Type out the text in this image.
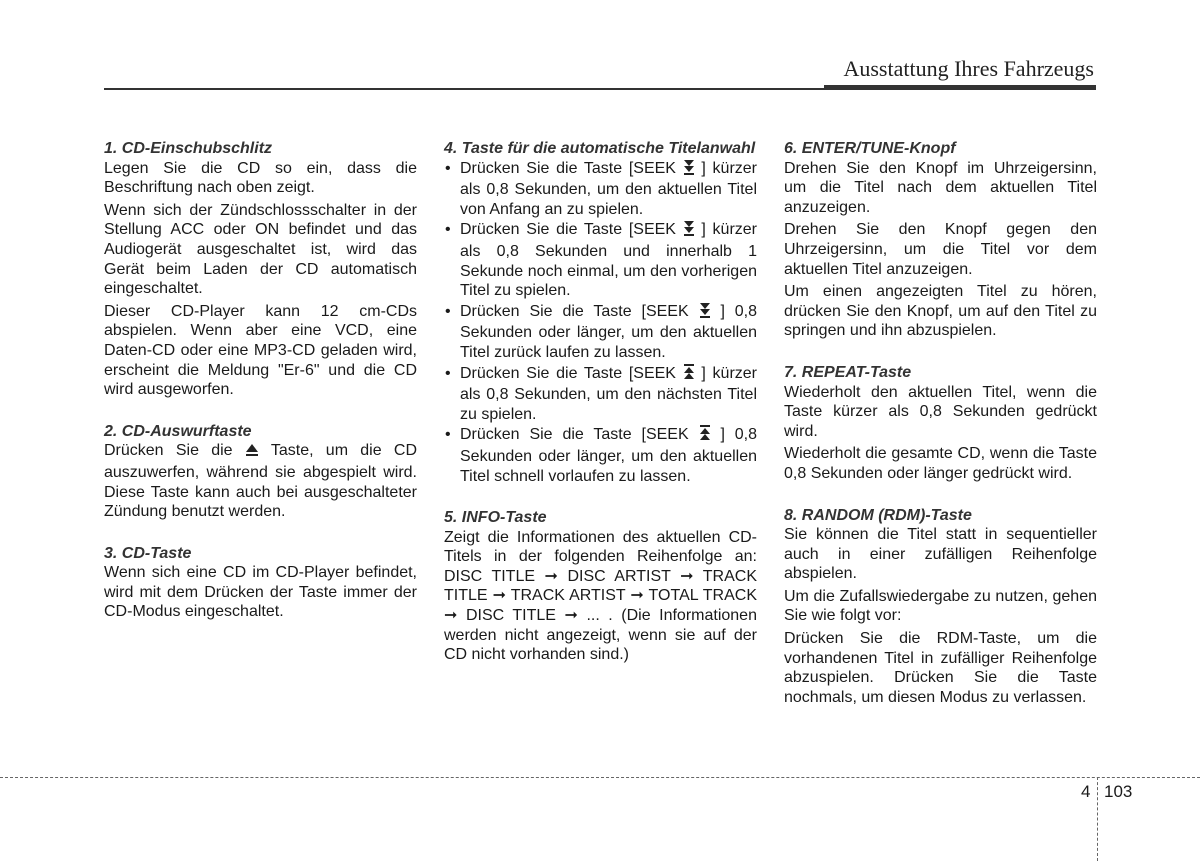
Ausstattung Ihres Fahrzeugs
1. CD-Einschubschlitz

Legen Sie die CD so ein, dass die Beschriftung nach oben zeigt.

Wenn sich der Zündschlossschalter in der Stellung ACC oder ON befindet und das Audiogerät ausgeschaltet ist, wird das Gerät beim Laden der CD automatisch eingeschaltet.

Dieser CD-Player kann 12 cm-CDs abspielen. Wenn aber eine VCD, eine Daten-CD oder eine MP3-CD geladen wird, erscheint die Meldung "Er-6" und die CD wird ausgeworfen.

2. CD-Auswurftaste

Drücken Sie die Taste, um die CD auszuwerfen, während sie abgespielt wird. Diese Taste kann auch bei ausgeschalteter Zündung benutzt werden.

3. CD-Taste

Wenn sich eine CD im CD-Player befindet, wird mit dem Drücken der Taste immer der CD-Modus eingeschaltet.

4. Taste für die automatische Titelanwahl
• Drücken Sie die Taste [SEEK ] kürzer als 0,8 Sekunden, um den aktuellen Titel von Anfang an zu spielen.
• Drücken Sie die Taste [SEEK ] kürzer als 0,8 Sekunden und innerhalb 1 Sekunde noch einmal, um den vorherigen Titel zu spielen.
• Drücken Sie die Taste [SEEK ] 0,8 Sekunden oder länger, um den aktuellen Titel zurück laufen zu lassen.
• Drücken Sie die Taste [SEEK ] kürzer als 0,8 Sekunden, um den nächsten Titel zu spielen.
• Drücken Sie die Taste [SEEK ] 0,8 Sekunden oder länger, um den aktuellen Titel schnell vorlaufen zu lassen.
5. INFO-Taste

Zeigt die Informationen des aktuellen CD-Titels in der folgenden Reihenfolge an: DISC TITLE ➞ DISC ARTIST ➞ TRACK TITLE ➞ TRACK ARTIST ➞ TOTAL TRACK ➞ DISC TITLE ➞ ... . (Die Informationen werden nicht angezeigt, wenn sie auf der CD nicht vorhanden sind.)

6. ENTER/TUNE-Knopf

Drehen Sie den Knopf im Uhrzeigersinn, um die Titel nach dem aktuellen Titel anzuzeigen.

Drehen Sie den Knopf gegen den Uhrzeigersinn, um die Titel vor dem aktuellen Titel anzuzeigen.

Um einen angezeigten Titel zu hören, drücken Sie den Knopf, um auf den Titel zu springen und ihn abzuspielen.

7. REPEAT-Taste

Wiederholt den aktuellen Titel, wenn die Taste kürzer als 0,8 Sekunden gedrückt wird.

Wiederholt die gesamte CD, wenn die Taste 0,8 Sekunden oder länger gedrückt wird.

8. RANDOM (RDM)-Taste

Sie können die Titel statt in sequentieller auch in einer zufälligen Reihenfolge abspielen.

Um die Zufallswiedergabe zu nutzen, gehen Sie wie folgt vor:

Drücken Sie die RDM-Taste, um die vorhandenen Titel in zufälliger Reihenfolge abzuspielen. Drücken Sie die Taste nochmals, um diesen Modus zu verlassen.

4 103
